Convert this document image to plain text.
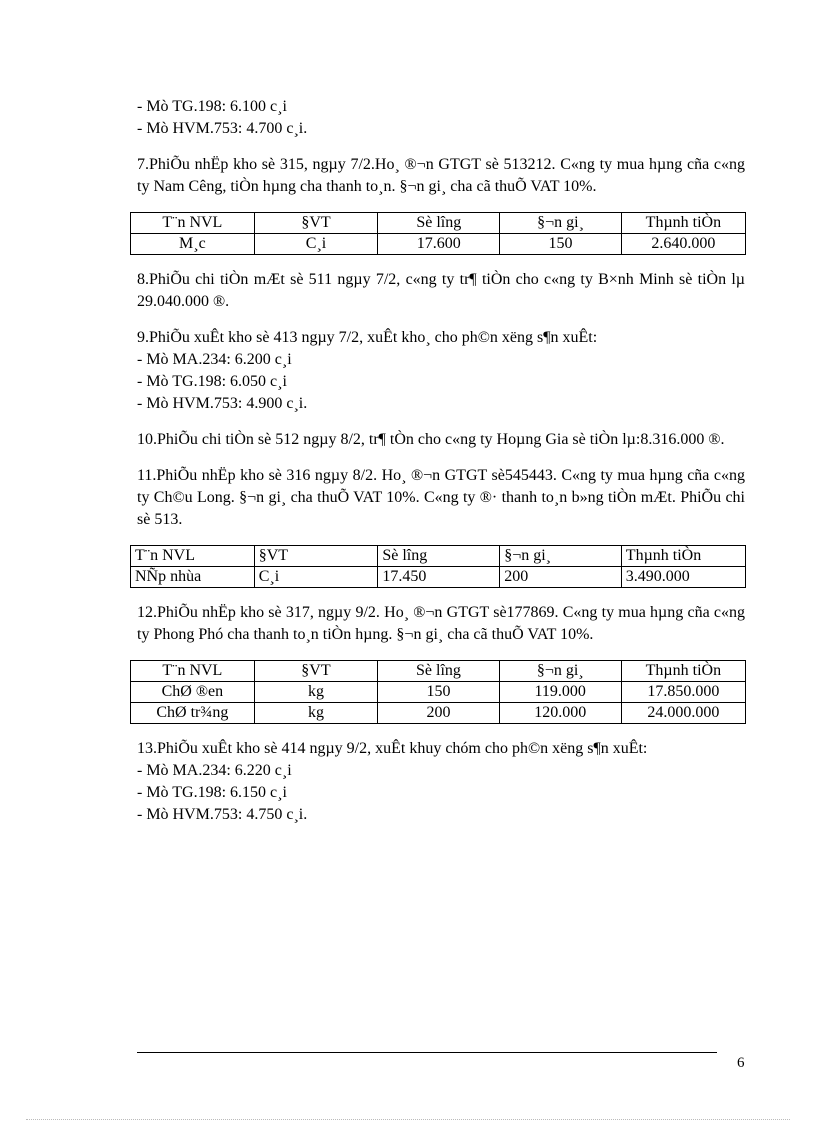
- Mò TG.198: 6.100 c¸i

- Mò HVM.753: 4.700 c¸i.

7.PhiÕu nhËp kho sè 315, ngµy 7/2.Ho¸ ®¬n GTGT sè 513212. C«ng ty mua hµng cña c«ng ty Nam Cêng, tiÒn hµng cha thanh to¸n. §¬n gi¸ cha cã thuÕ VAT 10%.

T¨n NVL	§VT	Sè lîng	§¬n gi¸	Thµnh tiÒn
M¸c	C¸i	17.600	150	2.640.000

8.PhiÕu chi tiÒn mÆt sè 511 ngµy 7/2, c«ng ty tr¶ tiÒn cho c«ng ty B×nh Minh sè tiÒn lµ 29.040.000 ®.

9.PhiÕu xuÊt kho sè 413 ngµy 7/2, xuÊt kho¸ cho ph©n xëng s¶n xuÊt:

- Mò MA.234: 6.200 c¸i

- Mò TG.198: 6.050 c¸i

- Mò HVM.753: 4.900 c¸i.

10.PhiÕu chi tiÒn sè 512 ngµy 8/2, tr¶ tÒn cho c«ng ty Hoµng Gia sè tiÒn lµ:8.316.000 ®.

11.PhiÕu nhËp kho sè 316 ngµy 8/2. Ho¸ ®¬n GTGT sè545443. C«ng ty mua hµng cña c«ng ty Ch©u Long. §¬n gi¸ cha thuÕ VAT 10%. C«ng ty ®· thanh to¸n b»ng tiÒn mÆt. PhiÕu chi sè 513.

T¨n NVL	§VT	Sè lîng	§¬n gi¸	Thµnh tiÒn
NÑp nhùa	C¸i	17.450	200	3.490.000

12.PhiÕu nhËp kho sè 317, ngµy 9/2. Ho¸ ®¬n GTGT sè177869. C«ng ty mua hµng cña c«ng ty Phong Phó cha thanh to¸n tiÒn hµng. §¬n gi¸ cha cã thuÕ VAT 10%.

T¨n NVL	§VT	Sè lîng	§¬n gi¸	Thµnh tiÒn
ChØ ®en	kg	150	119.000	17.850.000
ChØ tr¾ng	kg	200	120.000	24.000.000

13.PhiÕu xuÊt kho sè 414 ngµy 9/2, xuÊt khuy chóm cho ph©n xëng s¶n xuÊt:

- Mò MA.234: 6.220 c¸i

- Mò TG.198: 6.150 c¸i

- Mò HVM.753: 4.750 c¸i.

6
